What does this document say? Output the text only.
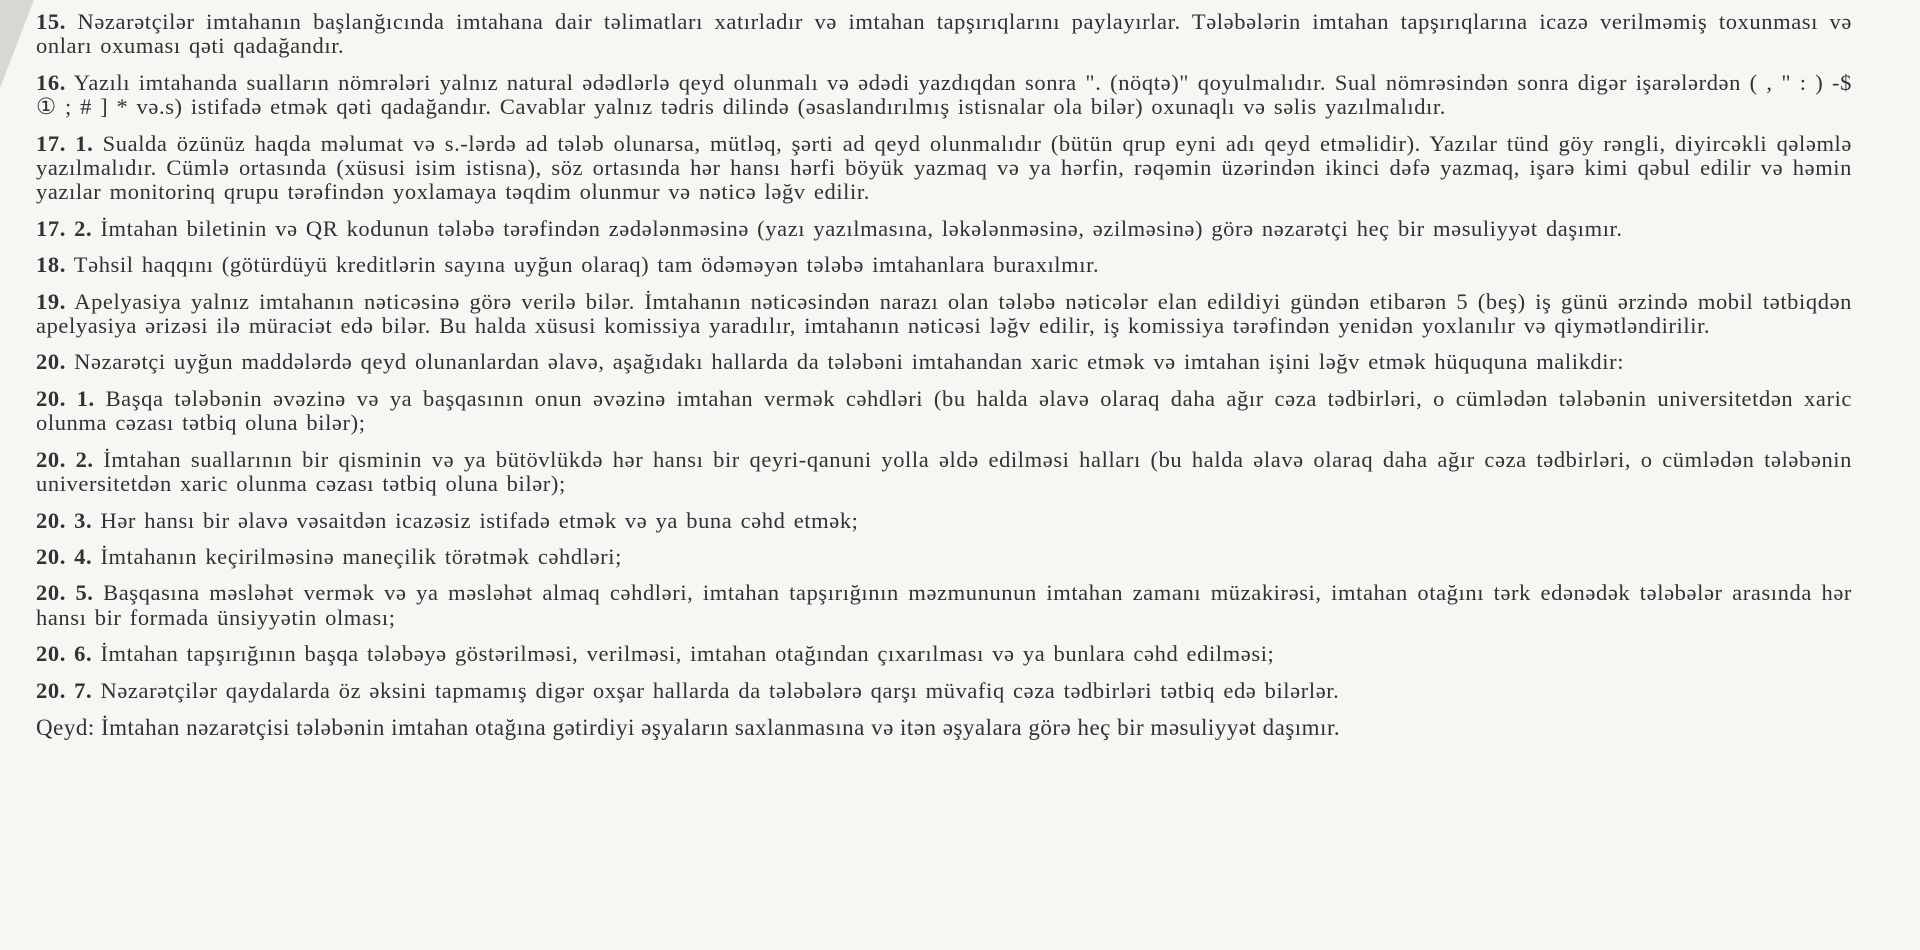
15. Nəzarətçilər imtahanın başlanğıcında imtahana dair təlimatları xatırladır və imtahan tapşırıqlarını paylayırlar. Tələbələrin imtahan tapşırıqlarına icazə verilməmiş toxunması və onları oxuması qəti qadağandır.

16. Yazılı imtahanda sualların nömrələri yalnız natural ədədlərlə qeyd olunmalı və ədədi yazdıqdan sonra ". (nöqtə)" qoyulmalıdır. Sual nömrəsindən sonra digər işarələrdən ( , " : ) -$ ① ; # ] * və.s) istifadə etmək qəti qadağandır. Cavablar yalnız tədris dilində (əsaslandırılmış istisnalar ola bilər) oxunaqlı və səlis yazılmalıdır.

17. 1. Sualda özünüz haqda məlumat və s.-lərdə ad tələb olunarsa, mütləq, şərti ad qeyd olunmalıdır (bütün qrup eyni adı qeyd etməlidir). Yazılar tünd göy rəngli, diyircəkli qələmlə yazılmalıdır. Cümlə ortasında (xüsusi isim istisna), söz ortasında hər hansı hərfi böyük yazmaq və ya hərfin, rəqəmin üzərindən ikinci dəfə yazmaq, işarə kimi qəbul edilir və həmin yazılar monitorinq qrupu tərəfindən yoxlamaya təqdim olunmur və nəticə ləğv edilir.

17. 2. İmtahan biletinin və QR kodunun tələbə tərəfindən zədələnməsinə (yazı yazılmasına, ləkələnməsinə, əzilməsinə) görə nəzarətçi heç bir məsuliyyət daşımır.

18. Təhsil haqqını (götürdüyü kreditlərin sayına uyğun olaraq) tam ödəməyən tələbə imtahanlara buraxılmır.

19. Apelyasiya yalnız imtahanın nəticəsinə görə verilə bilər. İmtahanın nəticəsindən narazı olan tələbə nəticələr elan edildiyi gündən etibarən 5 (beş) iş günü ərzində mobil tətbiqdən apelyasiya ərizəsi ilə müraciət edə bilər. Bu halda xüsusi komissiya yaradılır, imtahanın nəticəsi ləğv edilir, iş komissiya tərəfindən yenidən yoxlanılır və qiymətləndirilir.

20. Nəzarətçi uyğun maddələrdə qeyd olunanlardan əlavə, aşağıdakı hallarda da tələbəni imtahandan xaric etmək və imtahan işini ləğv etmək hüququna malikdir:

20. 1. Başqa tələbənin əvəzinə və ya başqasının onun əvəzinə imtahan vermək cəhdləri (bu halda əlavə olaraq daha ağır cəza tədbirləri, o cümlədən tələbənin universitetdən xaric olunma cəzası tətbiq oluna bilər);

20. 2. İmtahan suallarının bir qisminin və ya bütövlükdə hər hansı bir qeyri-qanuni yolla əldə edilməsi halları (bu halda əlavə olaraq daha ağır cəza tədbirləri, o cümlədən tələbənin universitetdən xaric olunma cəzası tətbiq oluna bilər);

20. 3. Hər hansı bir əlavə vəsaitdən icazəsiz istifadə etmək və ya buna cəhd etmək;

20. 4. İmtahanın keçirilməsinə maneçilik törətmək cəhdləri;

20. 5. Başqasına məsləhət vermək və ya məsləhət almaq cəhdləri, imtahan tapşırığının məzmununun imtahan zamanı müzakirəsi, imtahan otağını tərk edənədək tələbələr arasında hər hansı bir formada ünsiyyətin olması;

20. 6. İmtahan tapşırığının başqa tələbəyə göstərilməsi, verilməsi, imtahan otağından çıxarılması və ya bunlara cəhd edilməsi;

20. 7. Nəzarətçilər qaydalarda öz əksini tapmamış digər oxşar hallarda da tələbələrə qarşı müvafiq cəza tədbirləri tətbiq edə bilərlər.

Qeyd: İmtahan nəzarətçisi tələbənin imtahan otağına gətirdiyi əşyaların saxlanmasına və itən əşyalara görə heç bir məsuliyyət daşımır.
